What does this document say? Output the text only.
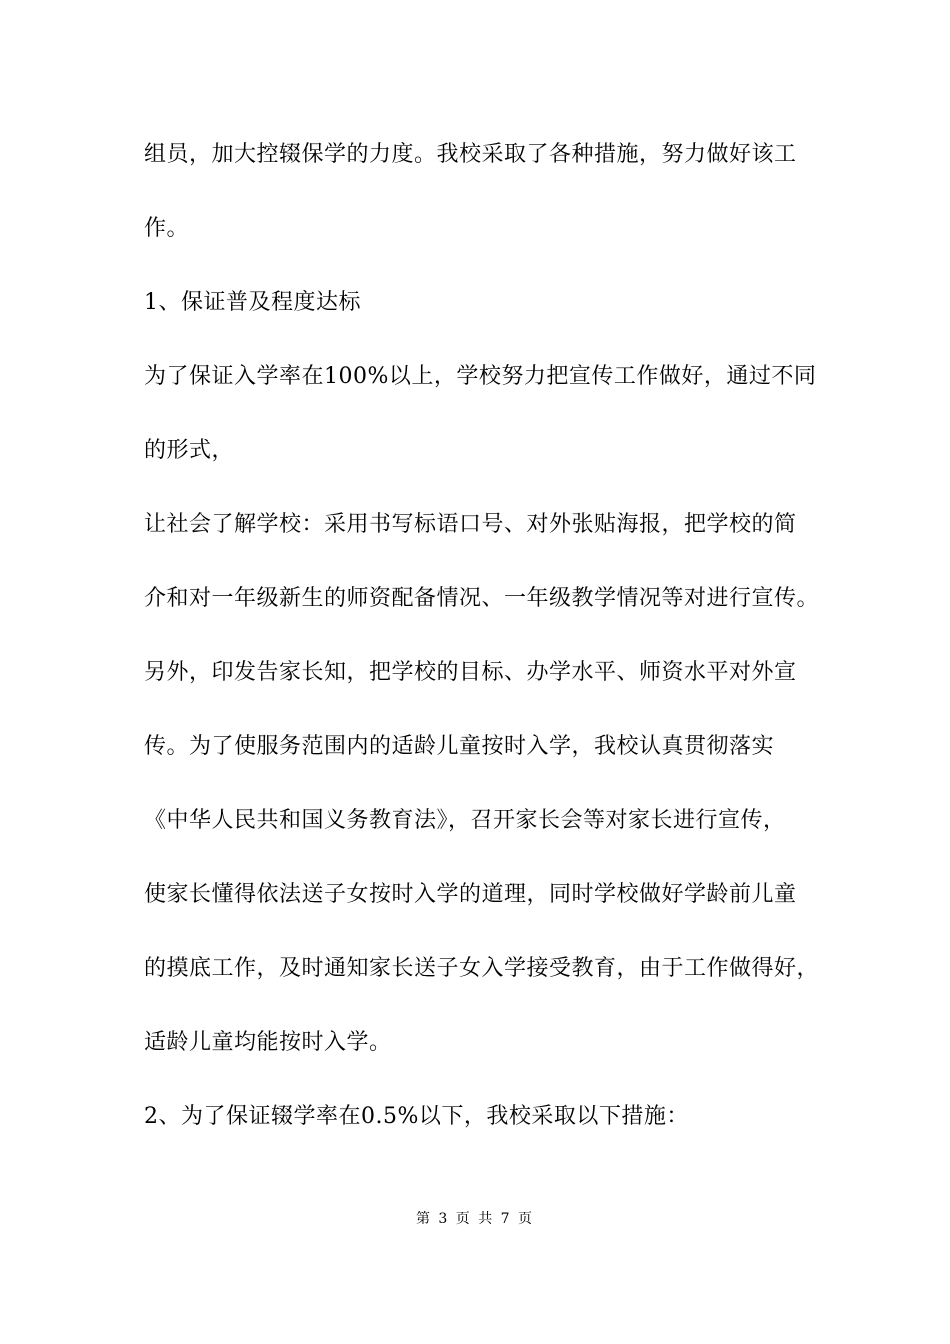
组员，加大控辍保学的力度。我校采取了各种措施，努力做好该工
作。
1、保证普及程度达标
为了保证入学率在100%以上，学校努力把宣传工作做好，通过不同
的形式，
让社会了解学校：采用书写标语口号、对外张贴海报，把学校的简
介和对一年级新生的师资配备情况、一年级教学情况等对进行宣传。
另外，印发告家长知，把学校的目标、办学水平、师资水平对外宣
传。为了使服务范围内的适龄儿童按时入学，我校认真贯彻落实
《中华人民共和国义务教育法》，召开家长会等对家长进行宣传，
使家长懂得依法送子女按时入学的道理，同时学校做好学龄前儿童
的摸底工作，及时通知家长送子女入学接受教育，由于工作做得好，
适龄儿童均能按时入学。
2、为了保证辍学率在0.5%以下，我校采取以下措施：
第 3 页 共 7 页
